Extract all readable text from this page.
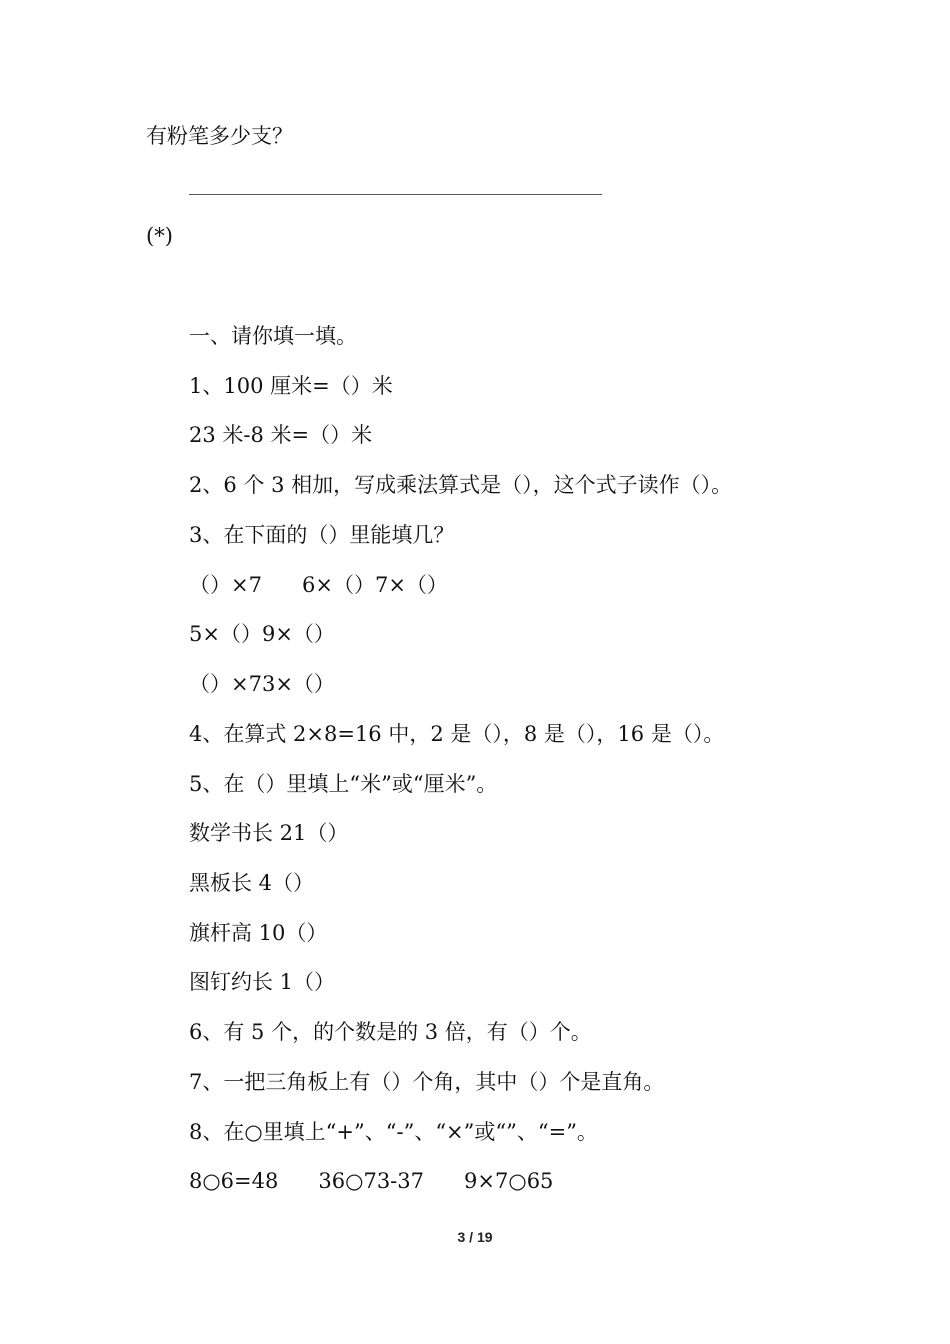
有粉笔多少支？

(*)

一、请你填一填。

1、100 厘米=（）米

23 米-8 米=（）米

2、6 个 3 相加，写成乘法算式是（），这个式子读作（）。

3、在下面的（）里能填几？

（）×7      6×（）7×（）

5×（）9×（）

（）×73×（）

4、在算式 2×8=16 中，2 是（），8 是（），16 是（）。

5、在（）里填上“米”或“厘米”。

数学书长 21（）

黑板长 4（）

旗杆高 10（）

图钉约长 1（）

6、有 5 个，的个数是的 3 倍，有（）个。

7、一把三角板上有（）个角，其中（）个是直角。

8、在○里填上“+”、“-”、“×”或“”、“=”。

8○6=48      36○73-37      9×7○65

3 / 19
